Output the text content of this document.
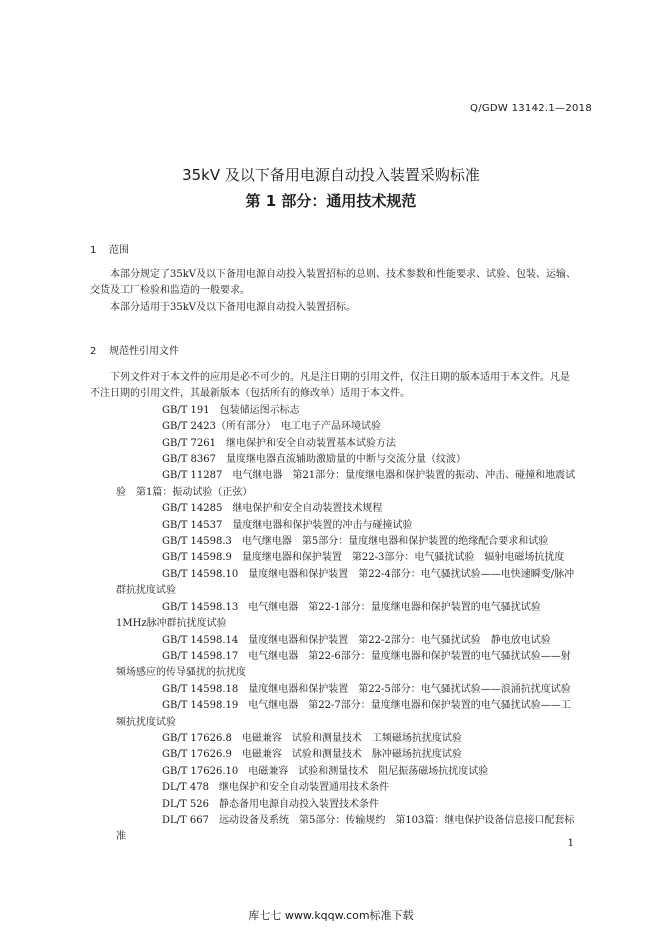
Q/GDW 13142.1—2018
35kV 及以下备用电源自动投入装置采购标准
第 1 部分：通用技术规范
1 范围

本部分规定了35kV及以下备用电源自动投入装置招标的总则、技术参数和性能要求、试验、包装、运输、交货及工厂检验和监造的一般要求。

本部分适用于35kV及以下备用电源自动投入装置招标。

2 规范性引用文件

下列文件对于本文件的应用是必不可少的。凡是注日期的引用文件，仅注日期的版本适用于本文件。凡是不注日期的引用文件，其最新版本（包括所有的修改单）适用于本文件。

GB/T 191　包装储运图示标志

GB/T 2423（所有部分）　电工电子产品环境试验

GB/T 7261　继电保护和安全自动装置基本试验方法

GB/T 8367　量度继电器直流辅助激励量的中断与交流分量（纹波）

GB/T 11287　电气继电器　第21部分：量度继电器和保护装置的振动、冲击、碰撞和地震试验　第1篇：振动试验（正弦）

GB/T 14285　继电保护和安全自动装置技术规程

GB/T 14537　量度继电器和保护装置的冲击与碰撞试验

GB/T 14598.3　电气继电器　第5部分：量度继电器和保护装置的绝缘配合要求和试验

GB/T 14598.9　量度继电器和保护装置　第22-3部分：电气骚扰试验　辐射电磁场抗扰度

GB/T 14598.10　量度继电器和保护装置　第22-4部分：电气骚扰试验——电快速瞬变/脉冲群抗扰度试验

GB/T 14598.13　电气继电器　第22-1部分：量度继电器和保护装置的电气骚扰试验　1MHz脉冲群抗扰度试验

GB/T 14598.14　量度继电器和保护装置　第22-2部分：电气骚扰试验　静电放电试验

GB/T 14598.17　电气继电器　第22-6部分：量度继电器和保护装置的电气骚扰试验——射频场感应的传导骚扰的抗扰度

GB/T 14598.18　量度继电器和保护装置　第22-5部分：电气骚扰试验——浪涌抗扰度试验

GB/T 14598.19　电气继电器　第22-7部分：量度继电器和保护装置的电气骚扰试验——工频抗扰度试验

GB/T 17626.8　电磁兼容　试验和测量技术　工频磁场抗扰度试验

GB/T 17626.9　电磁兼容　试验和测量技术　脉冲磁场抗扰度试验

GB/T 17626.10　电磁兼容　试验和测量技术　阻尼振荡磁场抗扰度试验

DL/T 478　继电保护和安全自动装置通用技术条件

DL/T 526　静态备用电源自动投入装置技术条件

DL/T 667　远动设备及系统　第5部分：传输规约　第103篇：继电保护设备信息接口配套标准

1
库七七 www.kqqw.com标准下载
